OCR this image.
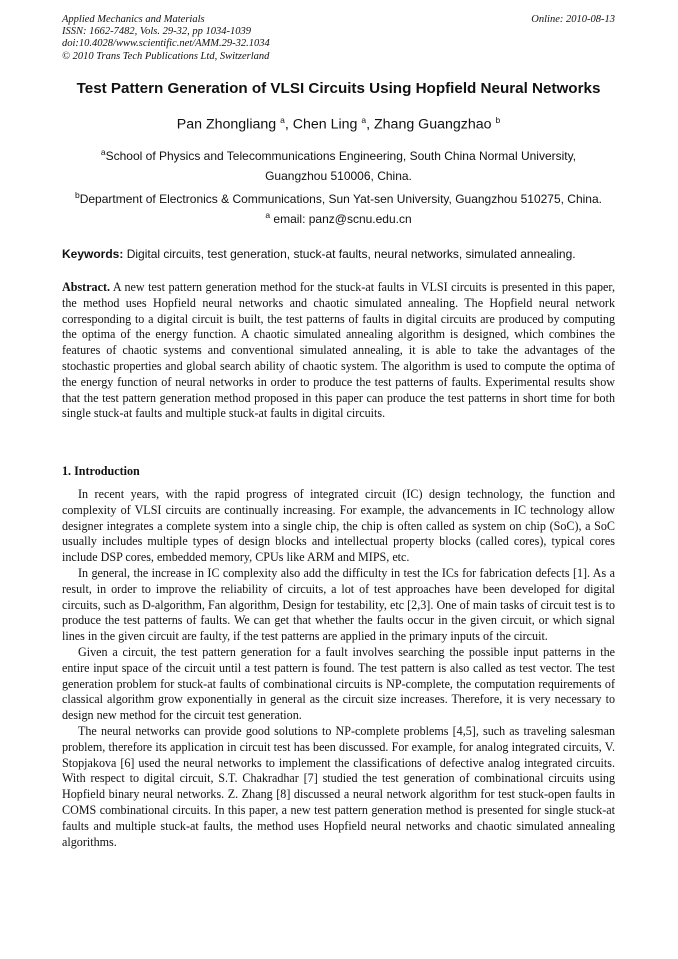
Applied Mechanics and Materials
ISSN: 1662-7482, Vols. 29-32, pp 1034-1039
doi:10.4028/www.scientific.net/AMM.29-32.1034
© 2010 Trans Tech Publications Ltd, Switzerland
Online: 2010-08-13
Test Pattern Generation of VLSI Circuits Using Hopfield Neural Networks
Pan Zhongliang $^a$, Chen Ling $^a$, Zhang Guangzhao $^b$
$^a$School of Physics and Telecommunications Engineering, South China Normal University,
Guangzhou 510006, China.
$^b$Department of Electronics & Communications, Sun Yat-sen University, Guangzhou 510275, China.
$^a$ email: panz@scnu.edu.cn
Keywords: Digital circuits, test generation, stuck-at faults, neural networks, simulated annealing.

Abstract. A new test pattern generation method for the stuck-at faults in VLSI circuits is presented in this paper, the method uses Hopfield neural networks and chaotic simulated annealing. The Hopfield neural network corresponding to a digital circuit is built, the test patterns of faults in digital circuits are produced by computing the optima of the energy function. A chaotic simulated annealing algorithm is designed, which combines the features of chaotic systems and conventional simulated annealing, it is able to take the advantages of the stochastic properties and global search ability of chaotic system. The algorithm is used to compute the optima of the energy function of neural networks in order to produce the test patterns of faults. Experimental results show that the test pattern generation method proposed in this paper can produce the test patterns in short time for both single stuck-at faults and multiple stuck-at faults in digital circuits.

1. Introduction

In recent years, with the rapid progress of integrated circuit (IC) design technology, the function and complexity of VLSI circuits are continually increasing. For example, the advancements in IC technology allow designer integrates a complete system into a single chip, the chip is often called as system on chip (SoC), a SoC usually includes multiple types of design blocks and intellectual property blocks (called cores), typical cores include DSP cores, embedded memory, CPUs like ARM and MIPS, etc.

In general, the increase in IC complexity also add the difficulty in test the ICs for fabrication defects [1]. As a result, in order to improve the reliability of circuits, a lot of test approaches have been developed for digital circuits, such as D-algorithm, Fan algorithm, Design for testability, etc [2,3]. One of main tasks of circuit test is to produce the test patterns of faults. We can get that whether the faults occur in the given circuit, or which signal lines in the given circuit are faulty, if the test patterns are applied in the primary inputs of the circuit.

Given a circuit, the test pattern generation for a fault involves searching the possible input patterns in the entire input space of the circuit until a test pattern is found. The test pattern is also called as test vector. The test generation problem for stuck-at faults of combinational circuits is NP-complete, the computation requirements of classical algorithm grow exponentially in general as the circuit size increases. Therefore, it is very necessary to design new method for the circuit test generation.

The neural networks can provide good solutions to NP-complete problems [4,5], such as traveling salesman problem, therefore its application in circuit test has been discussed. For example, for analog integrated circuits, V. Stopjakova [6] used the neural networks to implement the classifications of defective analog integrated circuits. With respect to digital circuit, S.T. Chakradhar [7] studied the test generation of combinational circuits using Hopfield binary neural networks. Z. Zhang [8] discussed a neural network algorithm for test stuck-open faults in COMS combinational circuits. In this paper, a new test pattern generation method is presented for single stuck-at faults and multiple stuck-at faults, the method uses Hopfield neural networks and chaotic simulated annealing algorithms.
